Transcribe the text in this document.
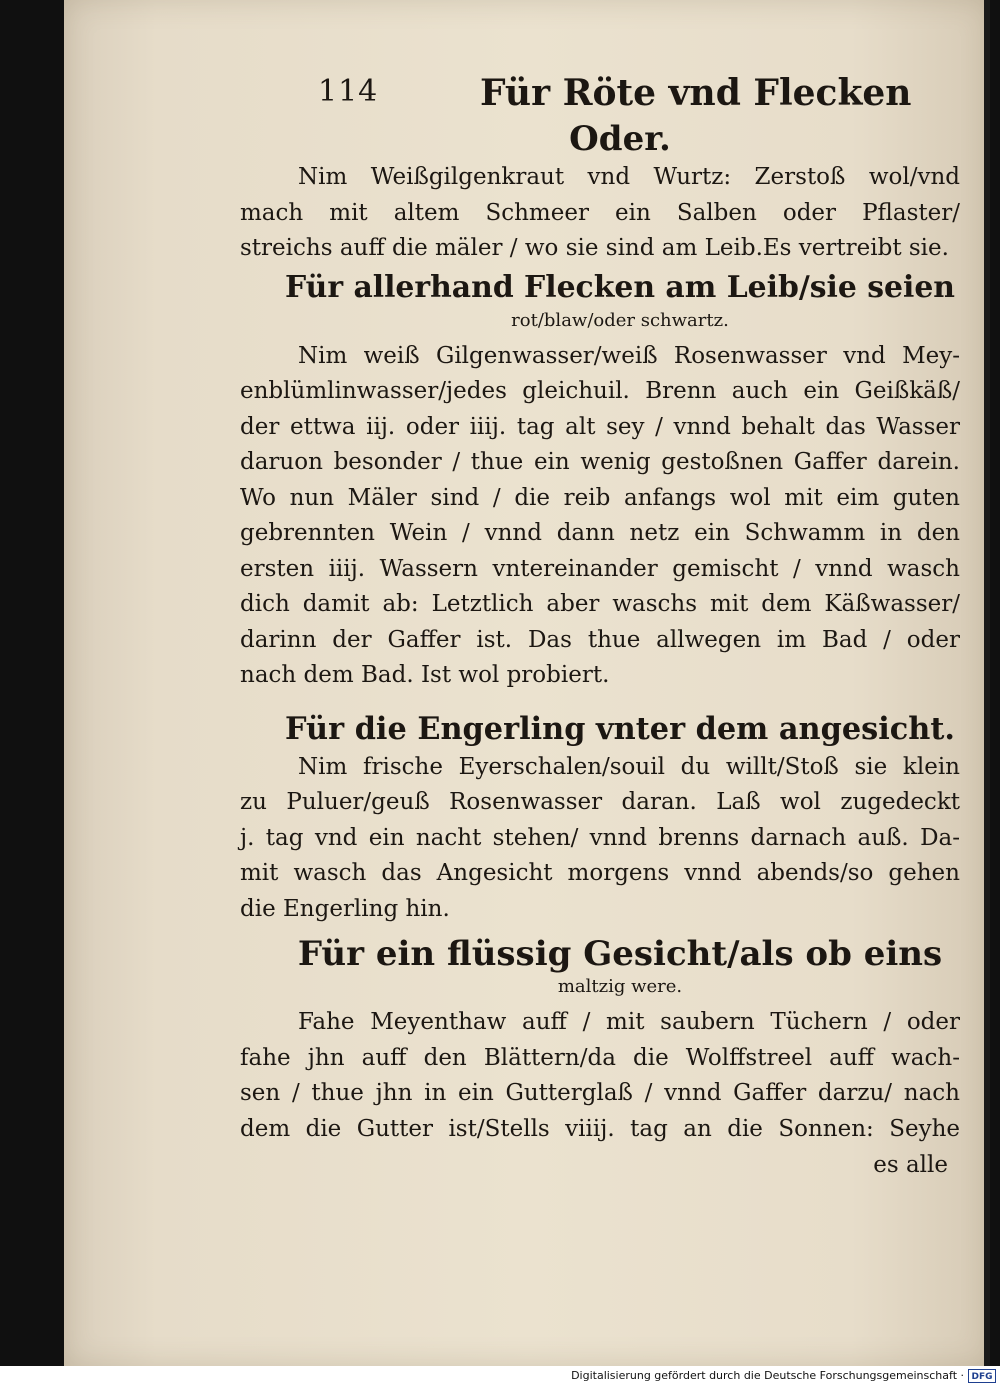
114	Für Röte vnd Flecken
Oder.

Nim Weißgilgenkraut vnd Wurtz: Zerstoß wol/vnd
mach mit altem Schmeer ein Salben oder Pflaster/
streichs auff die mäler / wo sie sind am Leib.Es vertreibt sie.

Für allerhand Flecken am Leib/sie seien
rot/blaw/oder schwartz.

Nim weiß Gilgenwasser/weiß Rosenwasser vnd Mey-
enblümlinwasser/jedes gleichuil. Brenn auch ein Geißkäß/
der ettwa iij. oder iiij. tag alt sey / vnnd behalt das Wasser
daruon besonder / thue ein wenig gestoßnen Gaffer darein.
Wo nun Mäler sind / die reib anfangs wol mit eim guten
gebrennten Wein / vnnd dann netz ein Schwamm in den
ersten iiij. Wassern vntereinander gemischt / vnnd wasch
dich damit ab: Letztlich aber waschs mit dem Käßwasser/
darinn der Gaffer ist. Das thue allwegen im Bad / oder
nach dem Bad. Ist wol probiert.

Für die Engerling vnter dem angesicht.

Nim frische Eyerschalen/souil du willt/Stoß sie klein
zu Puluer/geuß Rosenwasser daran. Laß wol zugedeckt
j. tag vnd ein nacht stehen/ vnnd brenns darnach auß. Da-
mit wasch das Angesicht morgens vnnd abends/so gehen
die Engerling hin.

Für ein flüssig Gesicht/als ob eins
maltzig were.

Fahe Meyenthaw auff / mit saubern Tüchern / oder
fahe jhn auff den Blättern/da die Wolffstreel auff wach-
sen / thue jhn in ein Gutterglaß / vnnd Gaffer darzu/ nach
dem die Gutter ist/Stells viiij. tag an die Sonnen: Seyhe

es alle
Digitalisierung gefördert durch die Deutsche Forschungsgemeinschaft · DFG
